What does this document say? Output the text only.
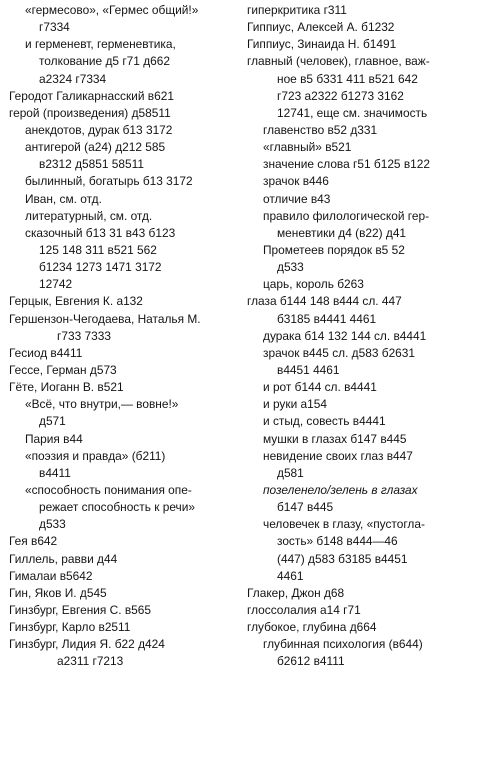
«гермесово», «Гермес общий!»
г7334
и герменевт, герменевтика,
толкование д5 г71 д662
а2324 г7334
Геродот Галикарнасский в621
герой (произведения) д58511
анекдотов, дурак б13 3172
антигерой (а24) д212 585
в2312 д5851 58511
былинный, богатырь б13 3172
Иван, см. отд.
литературный, см. отд.
сказочный б13 31 в43 б123
125 148 311 в521 562
б1234 1273 1471 3172
12742
Герцык, Евгения К. а132
Гершензон-Чегодаева, Наталья М.
г733 7333
Гесиод в4411
Гессе, Герман д573
Гёте, Иоганн В. в521
«Всё, что внутри,— вовне!»
д571
Пария в44
«поэзия и правда» (б211)
в4411
«способность понимания опе-
режает способность к речи»
д533
Гея в642
Гиллель, равви д44
Гималаи в5642
Гин, Яков И. д545
Гинзбург, Евгения С. в565
Гинзбург, Карло в2511
Гинзбург, Лидия Я. б22 д424
а2311 г7213
гиперкритика г311
Гиппиус, Алексей А. б1232
Гиппиус, Зинаида Н. б1491
главный (человек), главное, важ-
ное в5 б331 411 в521 642
г723 а2322 б1273 3162
12741, еще см. значимость
главенство в52 д331
«главный» в521
значение слова г51 б125 в122
зрачок в446
отличие в43
правило филологической гер-
меневтики д4 (в22) д41
Прометеев порядок в5 52
д533
царь, король б263
глаза б144 148 в444 сл. 447
б3185 в4441 4461
дурака б14 132 144 сл. в4441
зрачок в445 сл. д583 б2631
в4451 4461
и рот б144 сл. в4441
и руки а154
и стыд, совесть в4441
мушки в глазах б147 в445
невидение своих глаз в447
д581
позеленело/зелень в глазах
б147 в445
человечек в глазу, «пустогла-
зость» б148 в444—46
(447) д583 б3185 в4451
4461
Глакер, Джон д68
глоссолалия а14 г71
глубокое, глубина д664
глубинная психология (в644)
б2612 в4111
